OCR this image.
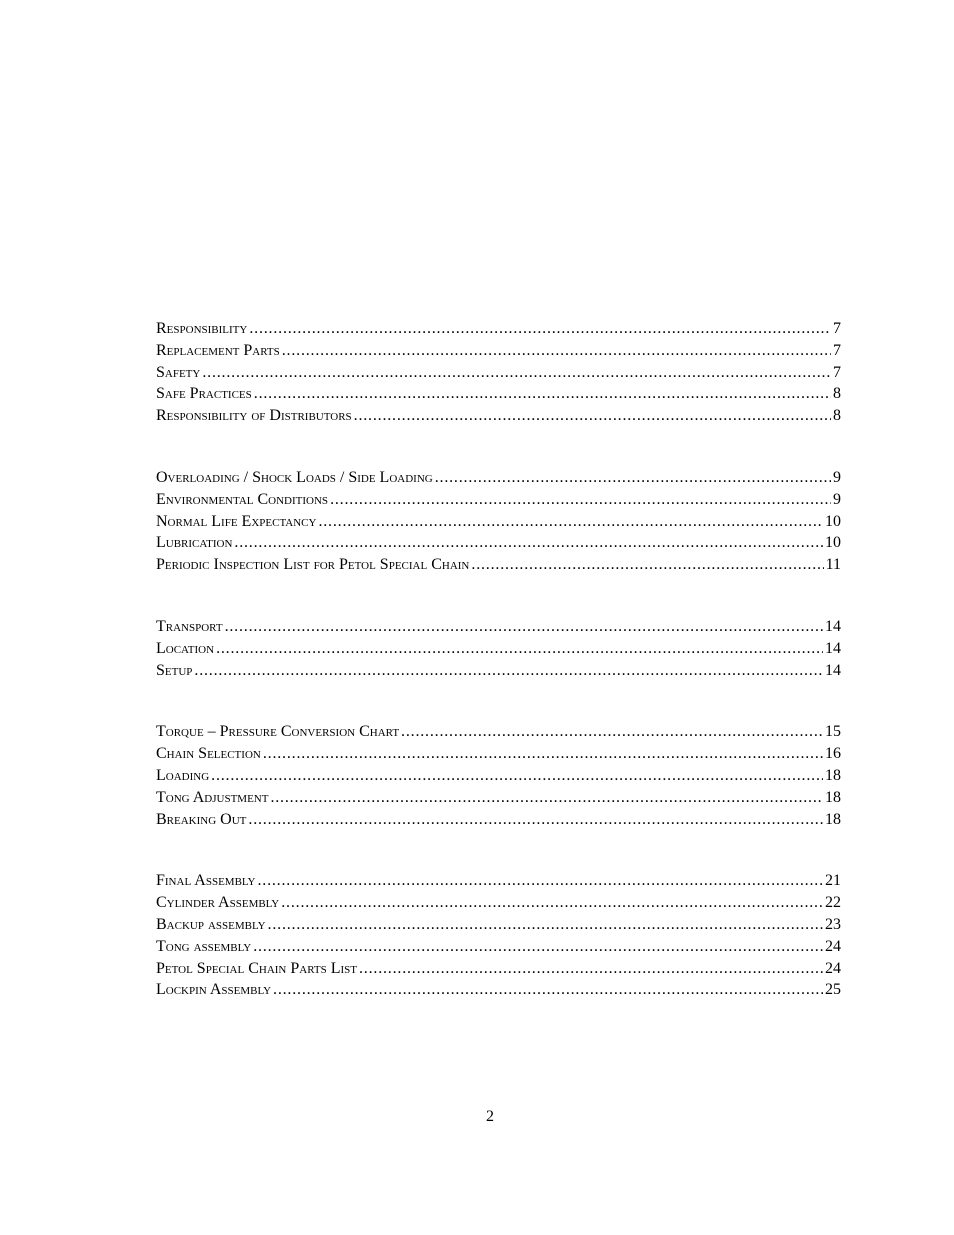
Responsibility . . .	7
Replacement Parts . . .	7
Safety . . .	7
Safe Practices . . .	8
Responsibility of Distributors . . .	8
Overloading / Shock Loads / Side Loading . . .	9
Environmental Conditions . . .	9
Normal Life Expectancy . . .	10
Lubrication . . .	10
Periodic Inspection List for Petol Special Chain . . .	11
Transport . . .	14
Location . . .	14
Setup . . .	14
Torque – Pressure Conversion Chart . . .	15
Chain Selection . . .	16
Loading . . .	18
Tong Adjustment . . .	18
Breaking Out . . .	18
Final Assembly . . .	21
Cylinder Assembly . . .	22
Backup assembly . . .	23
Tong assembly . . .	24
Petol Special Chain Parts List . . .	24
Lockpin Assembly . . .	25
2
